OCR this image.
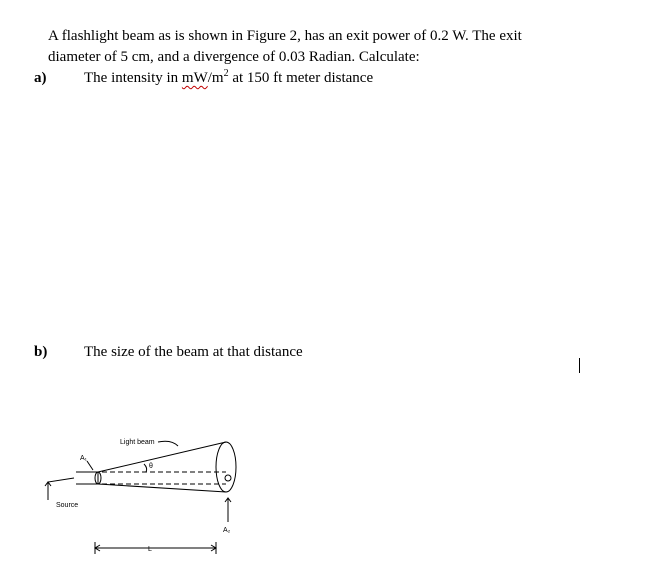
A flashlight beam as is shown in Figure 2, has an exit power of 0.2 W. The exit
diameter of 5 cm, and a divergence of 0.03 Radian. Calculate:
a)	The intensity in $mW/m^2$ at 150 ft meter distance
b) The size of the beam at that distance
Light beam
A₁
θ
Source
A₂
L
